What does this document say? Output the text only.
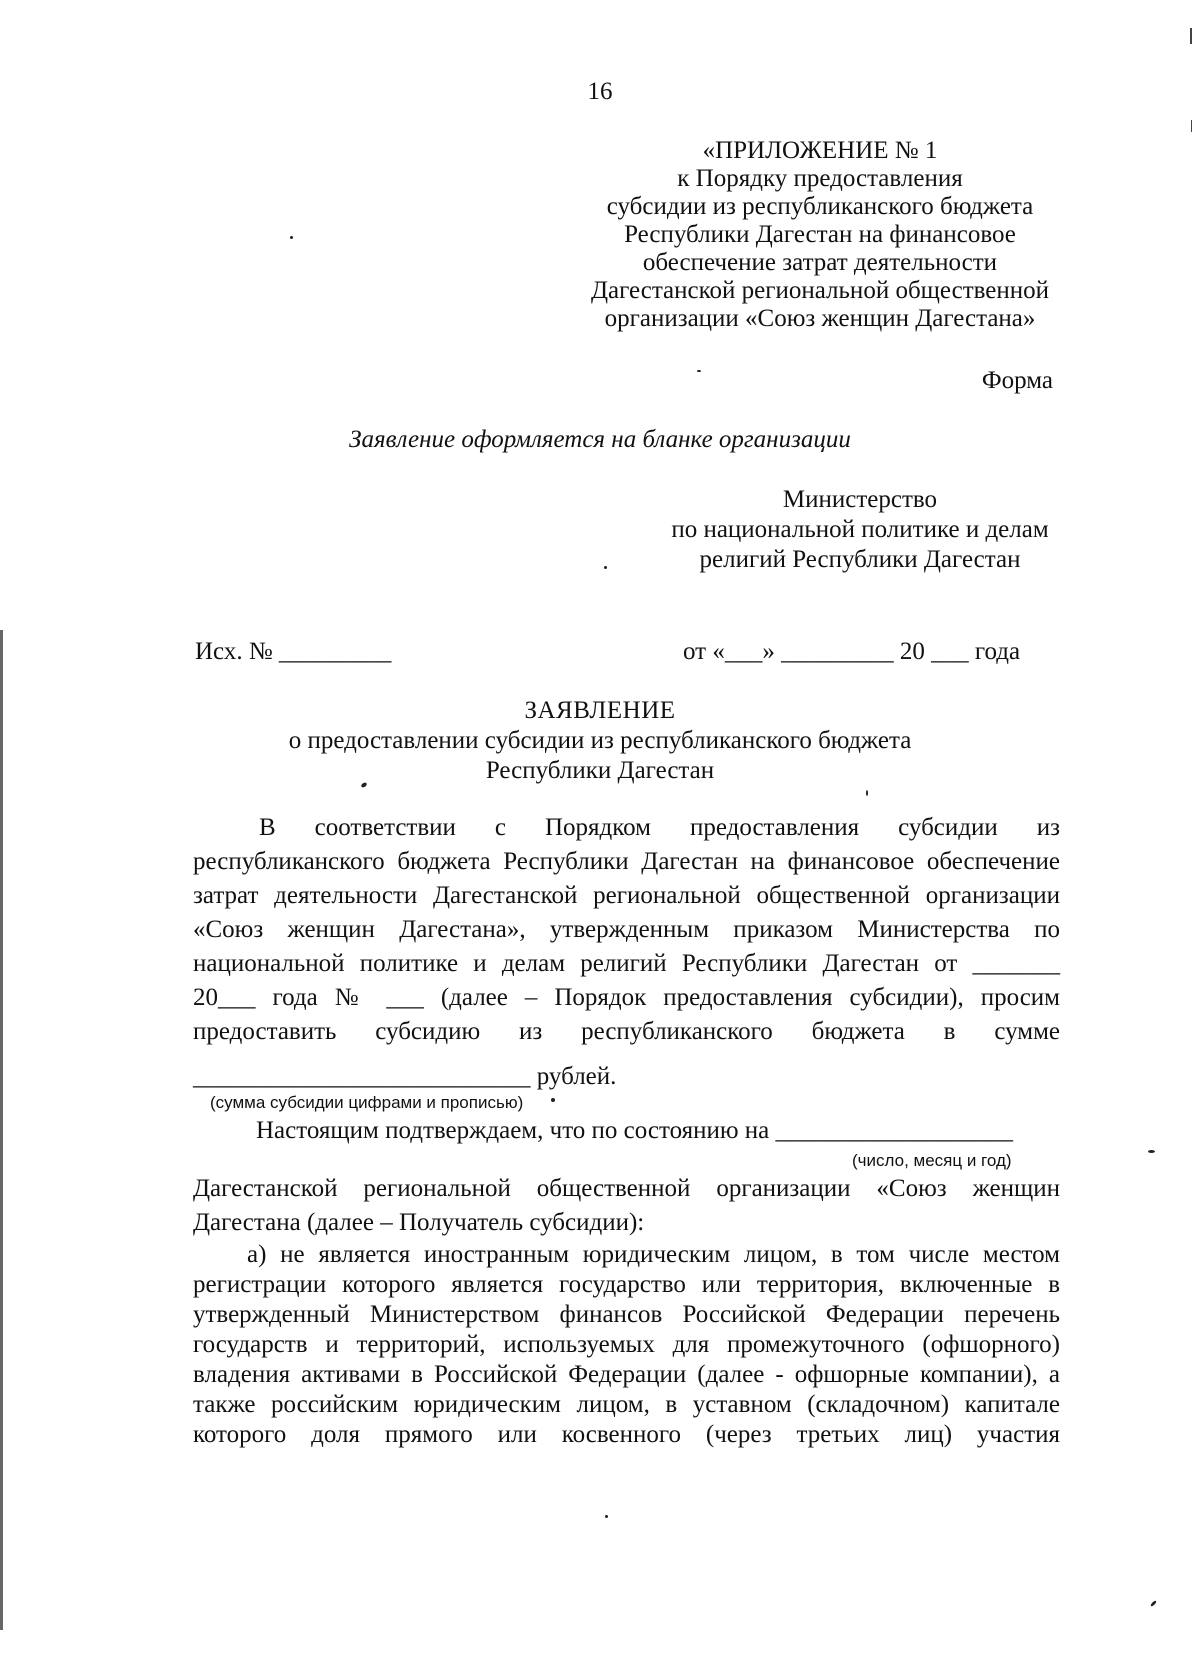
16
«ПРИЛОЖЕНИЕ № 1
к Порядку предоставления
субсидии из республиканского бюджета
Республики Дагестан на финансовое
обеспечение затрат деятельности
Дагестанской региональной общественной
организации «Союз женщин Дагестана»
Форма
Заявление оформляется на бланке организации
Министерство
по национальной политике и делам
религий Республики Дагестан
Исх. № _________	от «___» _________ 20 ___ года
ЗАЯВЛЕНИЕ
о предоставлении субсидии из республиканского бюджета
Республики Дагестан
В соответствии с Порядком предоставления субсидии из
республиканского бюджета Республики Дагестан на финансовое обеспечение
затрат деятельности Дагестанской региональной общественной организации
«Союз женщин Дагестана», утвержденным приказом Министерства по
национальной политике и делам религий Республики Дагестан от _______
20___ года № ___ (далее – Порядок предоставления субсидии), просим
предоставить субсидию из республиканского бюджета в сумме
___________________________ рублей.
(сумма субсидии цифрами и прописью)
Настоящим подтверждаем, что по состоянию на ___________________
(число, месяц и год)
Дагестанской региональной общественной организации «Союз женщин
Дагестана (далее – Получатель субсидии):
а) не является иностранным юридическим лицом, в том числе местом
регистрации которого является государство или территория, включенные в
утвержденный Министерством финансов Российской Федерации перечень
государств и территорий, используемых для промежуточного (офшорного)
владения активами в Российской Федерации (далее - офшорные компании), а
также российским юридическим лицом, в уставном (складочном) капитале
которого доля прямого или косвенного (через третьих лиц) участия
